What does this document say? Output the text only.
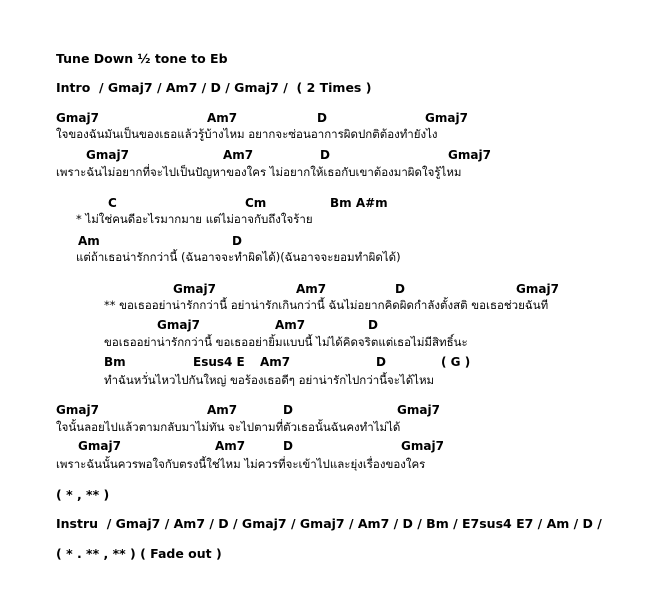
Tune Down ½ tone to Eb
Intro  / Gmaj7 / Am7 / D / Gmaj7 /  ( 2 Times )
Gmaj7	Am7	D	Gmaj7
ใจของฉันมันเป็นของเธอแล้วรู้บ้างไหม อยากจะซ่อนอาการผิดปกติต้องทำยังไง
Gmaj7	Am7	D	Gmaj7
เพราะฉันไม่อยากที่จะไปเป็นปัญหาของใคร ไม่อยากให้เธอกับเขาต้องมาผิดใจรู้ไหม
C	Cm	Bm A#m
* ไม่ใช่คนดีอะไรมากมาย แต่ไม่อาจกับถึงใจร้าย
Am	D
แต่ถ้าเธอน่ารักกว่านี้ (ฉันอาจจะทำผิดได้)(ฉันอาจจะยอมทำผิดได้)
Gmaj7	Am7	D	Gmaj7
** ขอเธออย่าน่ารักกว่านี้ อย่าน่ารักเกินกว่านี้ ฉันไม่อยากคิดผิดกำลังตั้งสติ ขอเธอช่วยฉันที
Gmaj7	Am7	D
ขอเธออย่าน่ารักกว่านี้ ขอเธออย่ายิ้มแบบนี้ ไม่ได้คิดจริตแต่เธอไม่มีสิทธิ์นะ
Bm	Esus4 E Am7	D	( G )
ทำฉันหวั่นไหวไปกันใหญ่ ขอร้องเธอดีๆ อย่าน่ารักไปกว่านี้จะได้ไหม
Gmaj7	Am7	D	Gmaj7
ใจนั้นลอยไปแล้วตามกลับมาไม่ทัน จะไปตามที่ตัวเธอนั้นฉันคงทำไม่ได้
Gmaj7	Am7	D	Gmaj7
เพราะฉันนั้นควรพอใจกับตรงนี้ใช่ไหม ไม่ควรที่จะเข้าไปและยุ่งเรื่องของใคร
( * , ** )
Instru  / Gmaj7 / Am7 / D / Gmaj7 / Gmaj7 / Am7 / D / Bm / E7sus4 E7 / Am / D /
( * . ** , ** ) ( Fade out )
